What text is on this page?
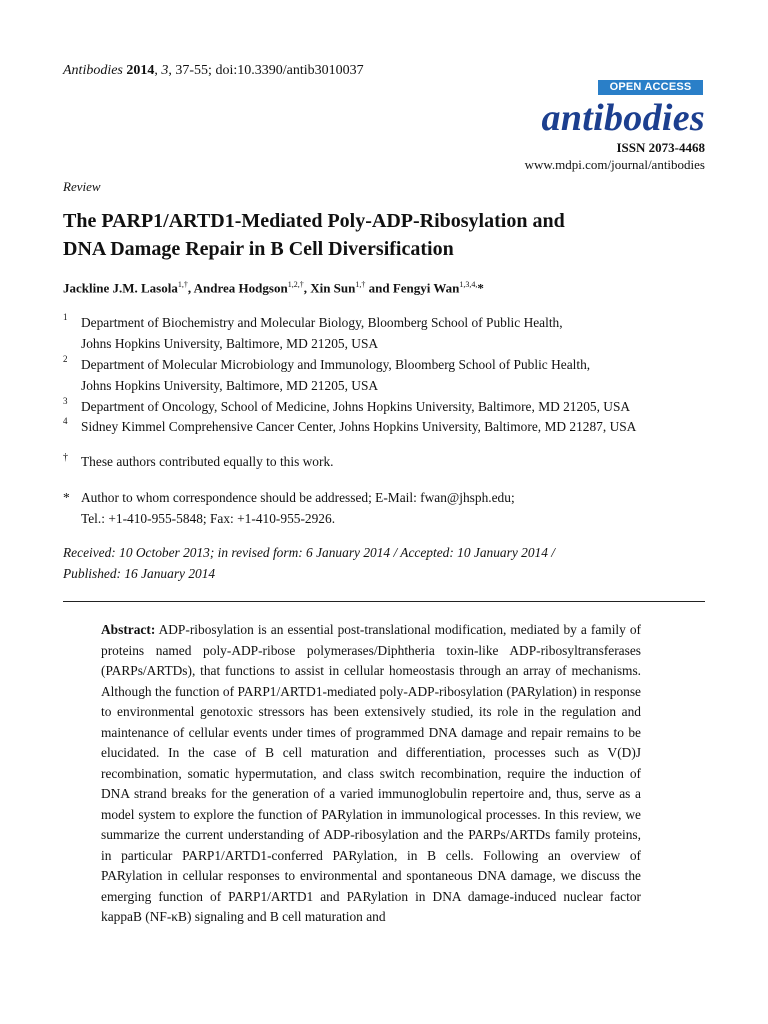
Antibodies 2014, 3, 37-55; doi:10.3390/antib3010037
OPEN ACCESS
antibodies
ISSN 2073-4468
www.mdpi.com/journal/antibodies
Review
The PARP1/ARTD1-Mediated Poly-ADP-Ribosylation and
DNA Damage Repair in B Cell Diversification
Jackline J.M. Lasola$^{1,\dagger}$, Andrea Hodgson$^{1,2,\dagger}$, Xin Sun$^{1,\dagger}$ and Fengyi Wan$^{1,3,4,}$*
1 Department of Biochemistry and Molecular Biology, Bloomberg School of Public Health,
Johns Hopkins University, Baltimore, MD 21205, USA
2 Department of Molecular Microbiology and Immunology, Bloomberg School of Public Health,
Johns Hopkins University, Baltimore, MD 21205, USA
3 Department of Oncology, School of Medicine, Johns Hopkins University, Baltimore, MD 21205, USA
4 Sidney Kimmel Comprehensive Cancer Center, Johns Hopkins University, Baltimore, MD 21287, USA
† These authors contributed equally to this work.
* Author to whom correspondence should be addressed; E-Mail: fwan@jhsph.edu;
Tel.: +1-410-955-5848; Fax: +1-410-955-2926.
Received: 10 October 2013; in revised form: 6 January 2014 / Accepted: 10 January 2014 /
Published: 16 January 2014
Abstract: ADP-ribosylation is an essential post-translational modification, mediated by a family of proteins named poly-ADP-ribose polymerases/Diphtheria toxin-like ADP-ribosyltransferases (PARPs/ARTDs), that functions to assist in cellular homeostasis through an array of mechanisms. Although the function of PARP1/ARTD1-mediated poly-ADP-ribosylation (PARylation) in response to environmental genotoxic stressors has been extensively studied, its role in the regulation and maintenance of cellular events under times of programmed DNA damage and repair remains to be elucidated. In the case of B cell maturation and differentiation, processes such as V(D)J recombination, somatic hypermutation, and class switch recombination, require the induction of DNA strand breaks for the generation of a varied immunoglobulin repertoire and, thus, serve as a model system to explore the function of PARylation in immunological processes. In this review, we summarize the current understanding of ADP-ribosylation and the PARPs/ARTDs family proteins, in particular PARP1/ARTD1-conferred PARylation, in B cells. Following an overview of PARylation in cellular responses to environmental and spontaneous DNA damage, we discuss the emerging function of PARP1/ARTD1 and PARylation in DNA damage-induced nuclear factor kappaB (NF-κB) signaling and B cell maturation and
